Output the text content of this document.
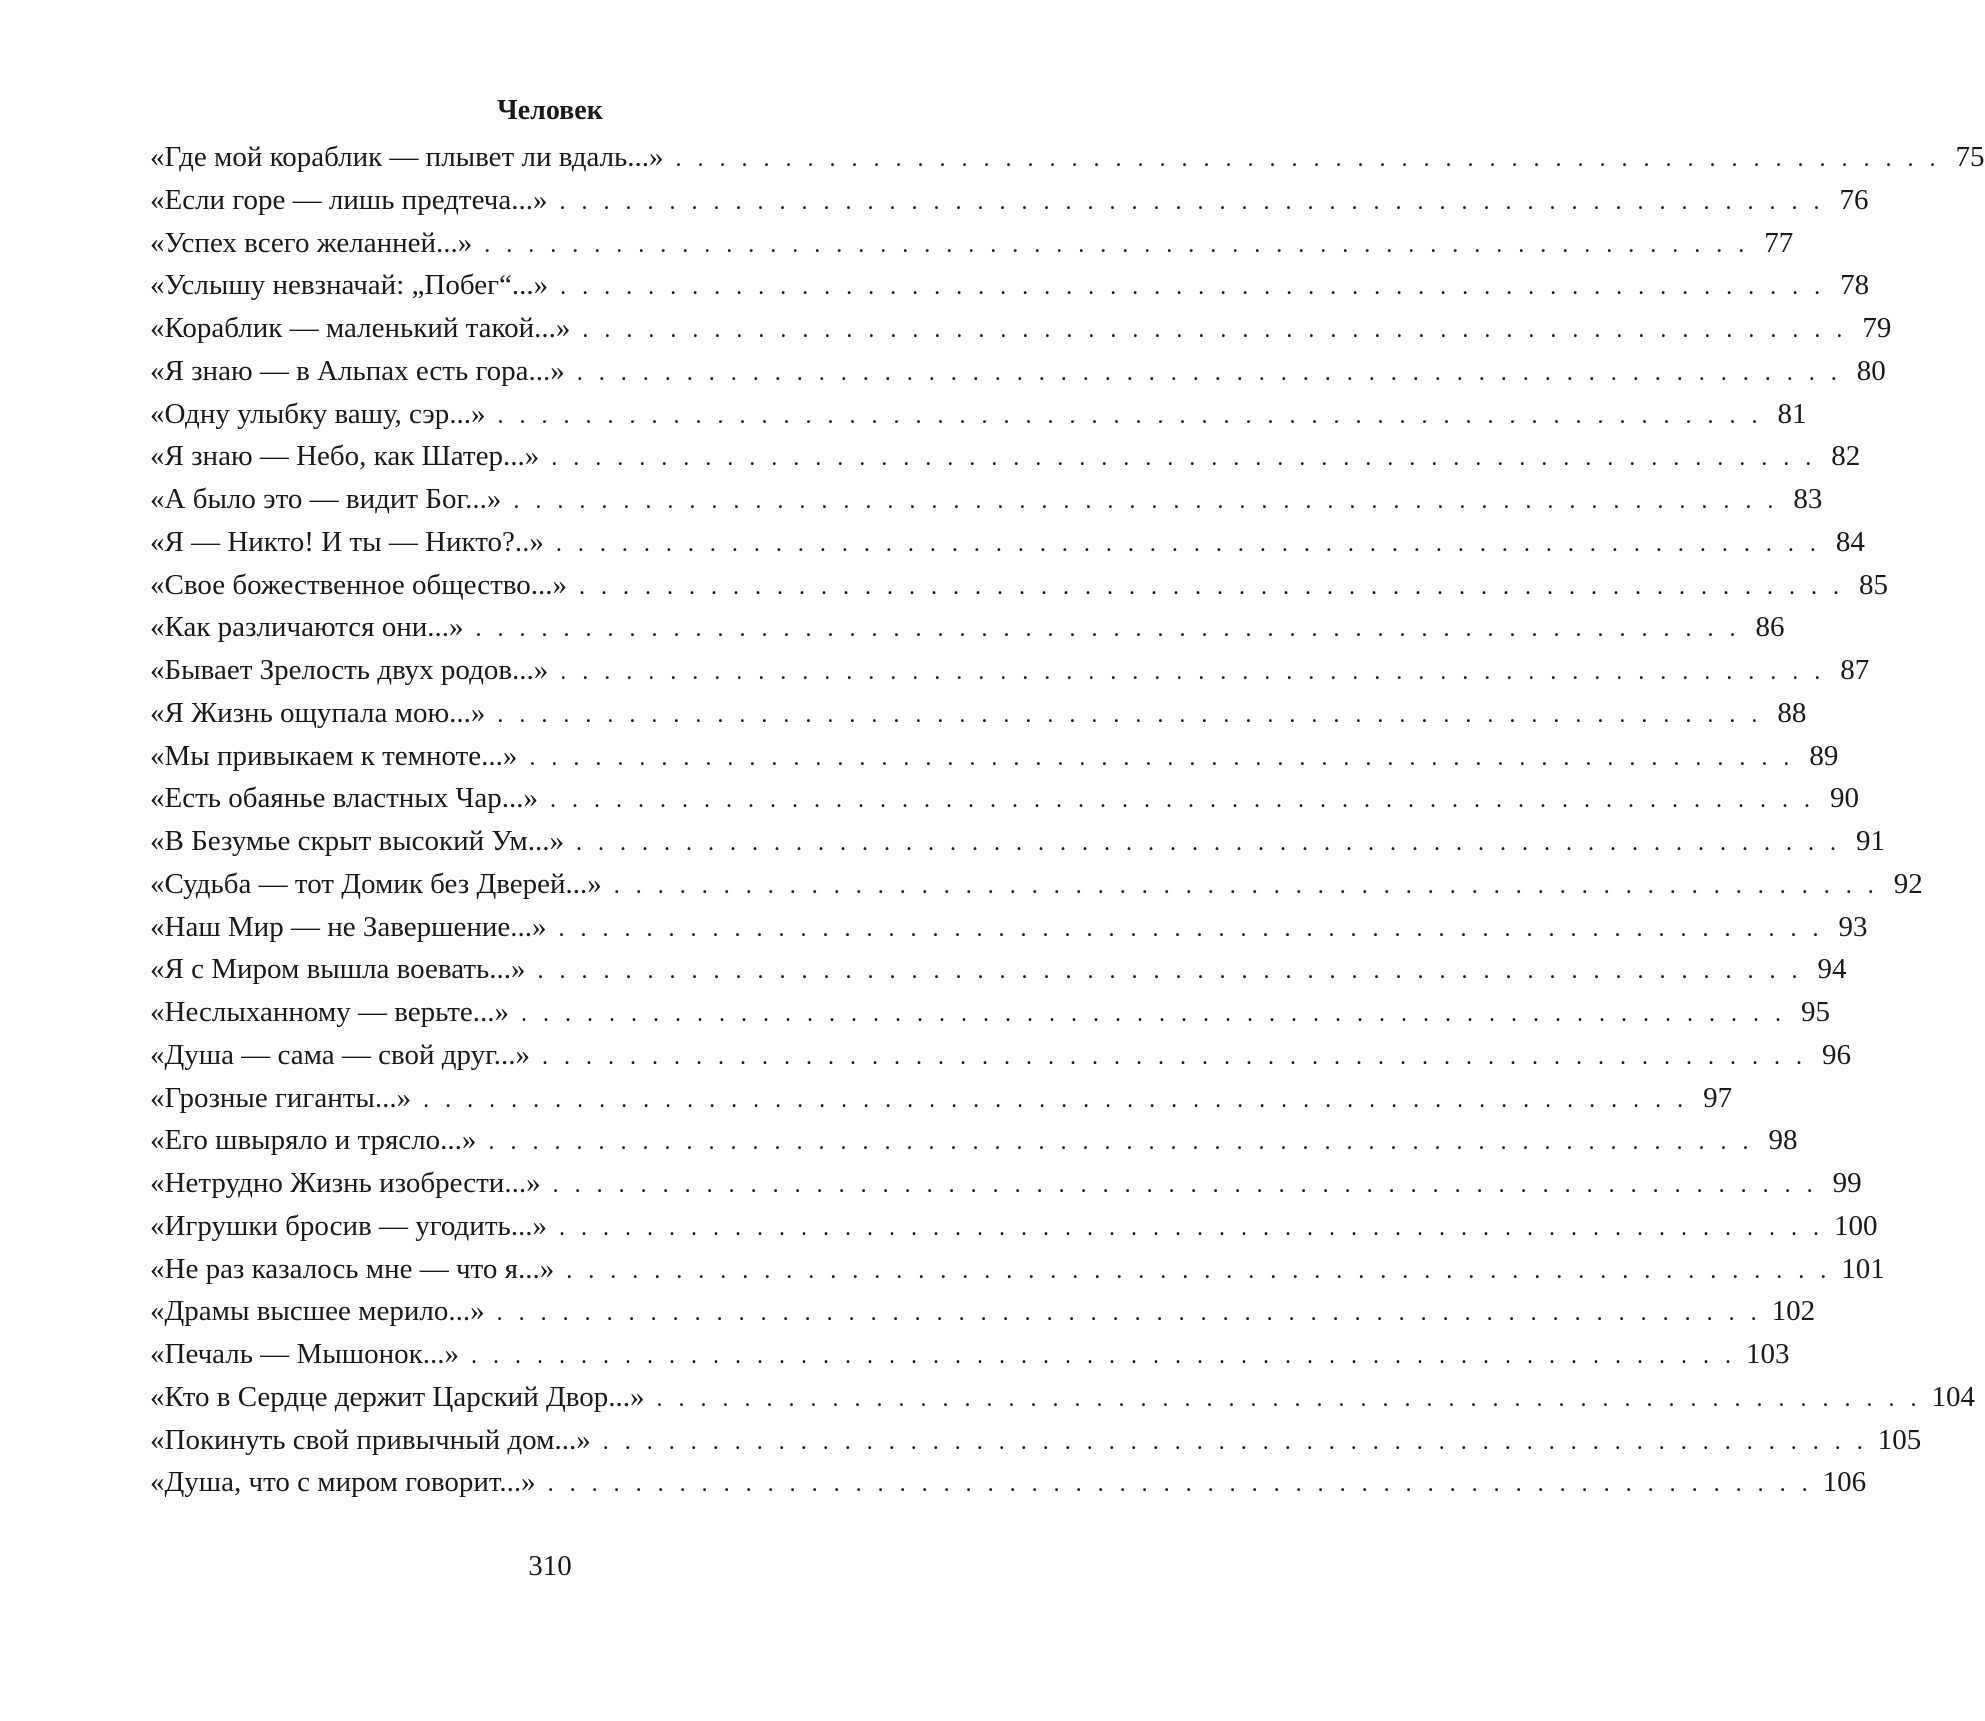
Человек
«Где мой кораблик — плывет ли вдаль...» . . . . . . . . . . . . . . . . . . . . . . . . . . . . . . . . . . . . . . . . . . . . . . . . . . . . . . . . . . 75
«Если горе — лишь предтеча...» . . . . . . . . . . . . . . . . . . . . . . . . . . . . . . . . . . . . . . . . . . . . . . . . . . . . . . . . . . 76
«Успех всего желанней...» . . . . . . . . . . . . . . . . . . . . . . . . . . . . . . . . . . . . . . . . . . . . . . . . . . . . . . . . . . 77
«Услышу невзначай: „Побег“...» . . . . . . . . . . . . . . . . . . . . . . . . . . . . . . . . . . . . . . . . . . . . . . . . . . . . . . . . . . 78
«Кораблик — маленький такой...» . . . . . . . . . . . . . . . . . . . . . . . . . . . . . . . . . . . . . . . . . . . . . . . . . . . . . . . . . . 79
«Я знаю — в Альпах есть гора...» . . . . . . . . . . . . . . . . . . . . . . . . . . . . . . . . . . . . . . . . . . . . . . . . . . . . . . . . . . 80
«Одну улыбку вашу, сэр...» . . . . . . . . . . . . . . . . . . . . . . . . . . . . . . . . . . . . . . . . . . . . . . . . . . . . . . . . . . 81
«Я знаю — Небо, как Шатер...» . . . . . . . . . . . . . . . . . . . . . . . . . . . . . . . . . . . . . . . . . . . . . . . . . . . . . . . . . . 82
«А было это — видит Бог...» . . . . . . . . . . . . . . . . . . . . . . . . . . . . . . . . . . . . . . . . . . . . . . . . . . . . . . . . . . 83
«Я — Никто! И ты — Никто?..» . . . . . . . . . . . . . . . . . . . . . . . . . . . . . . . . . . . . . . . . . . . . . . . . . . . . . . . . . . 84
«Свое божественное общество...» . . . . . . . . . . . . . . . . . . . . . . . . . . . . . . . . . . . . . . . . . . . . . . . . . . . . . . . . . . 85
«Как различаются они...» . . . . . . . . . . . . . . . . . . . . . . . . . . . . . . . . . . . . . . . . . . . . . . . . . . . . . . . . . . 86
«Бывает Зрелость двух родов...» . . . . . . . . . . . . . . . . . . . . . . . . . . . . . . . . . . . . . . . . . . . . . . . . . . . . . . . . . . 87
«Я Жизнь ощупала мою...» . . . . . . . . . . . . . . . . . . . . . . . . . . . . . . . . . . . . . . . . . . . . . . . . . . . . . . . . . . 88
«Мы привыкаем к темноте...» . . . . . . . . . . . . . . . . . . . . . . . . . . . . . . . . . . . . . . . . . . . . . . . . . . . . . . . . . . 89
«Есть обаянье властных Чар...» . . . . . . . . . . . . . . . . . . . . . . . . . . . . . . . . . . . . . . . . . . . . . . . . . . . . . . . . . . 90
«В Безумье скрыт высокий Ум...» . . . . . . . . . . . . . . . . . . . . . . . . . . . . . . . . . . . . . . . . . . . . . . . . . . . . . . . . . . 91
«Судьба — тот Домик без Дверей...» . . . . . . . . . . . . . . . . . . . . . . . . . . . . . . . . . . . . . . . . . . . . . . . . . . . . . . . . . . 92
«Наш Мир — не Завершение...» . . . . . . . . . . . . . . . . . . . . . . . . . . . . . . . . . . . . . . . . . . . . . . . . . . . . . . . . . . 93
«Я с Миром вышла воевать...» . . . . . . . . . . . . . . . . . . . . . . . . . . . . . . . . . . . . . . . . . . . . . . . . . . . . . . . . . . 94
«Неслыханному — верьте...» . . . . . . . . . . . . . . . . . . . . . . . . . . . . . . . . . . . . . . . . . . . . . . . . . . . . . . . . . . 95
«Душа — сама — свой друг...» . . . . . . . . . . . . . . . . . . . . . . . . . . . . . . . . . . . . . . . . . . . . . . . . . . . . . . . . . . 96
«Грозные гиганты...» . . . . . . . . . . . . . . . . . . . . . . . . . . . . . . . . . . . . . . . . . . . . . . . . . . . . . . . . . . 97
«Его швыряло и трясло...» . . . . . . . . . . . . . . . . . . . . . . . . . . . . . . . . . . . . . . . . . . . . . . . . . . . . . . . . . . 98
«Нетрудно Жизнь изобрести...» . . . . . . . . . . . . . . . . . . . . . . . . . . . . . . . . . . . . . . . . . . . . . . . . . . . . . . . . . . 99
«Игрушки бросив — угодить...» . . . . . . . . . . . . . . . . . . . . . . . . . . . . . . . . . . . . . . . . . . . . . . . . . . . . . . . . . . 100
«Не раз казалось мне — что я...» . . . . . . . . . . . . . . . . . . . . . . . . . . . . . . . . . . . . . . . . . . . . . . . . . . . . . . . . . . 101
«Драмы высшее мерило...» . . . . . . . . . . . . . . . . . . . . . . . . . . . . . . . . . . . . . . . . . . . . . . . . . . . . . . . . . . 102
«Печаль — Мышонок...» . . . . . . . . . . . . . . . . . . . . . . . . . . . . . . . . . . . . . . . . . . . . . . . . . . . . . . . . . . 103
«Кто в Сердце держит Царский Двор...» . . . . . . . . . . . . . . . . . . . . . . . . . . . . . . . . . . . . . . . . . . . . . . . . . . . . . . . . . . 104
«Покинуть свой привычный дом...» . . . . . . . . . . . . . . . . . . . . . . . . . . . . . . . . . . . . . . . . . . . . . . . . . . . . . . . . . . 105
«Душа, что с миром говорит...» . . . . . . . . . . . . . . . . . . . . . . . . . . . . . . . . . . . . . . . . . . . . . . . . . . . . . . . . . . 106
310
